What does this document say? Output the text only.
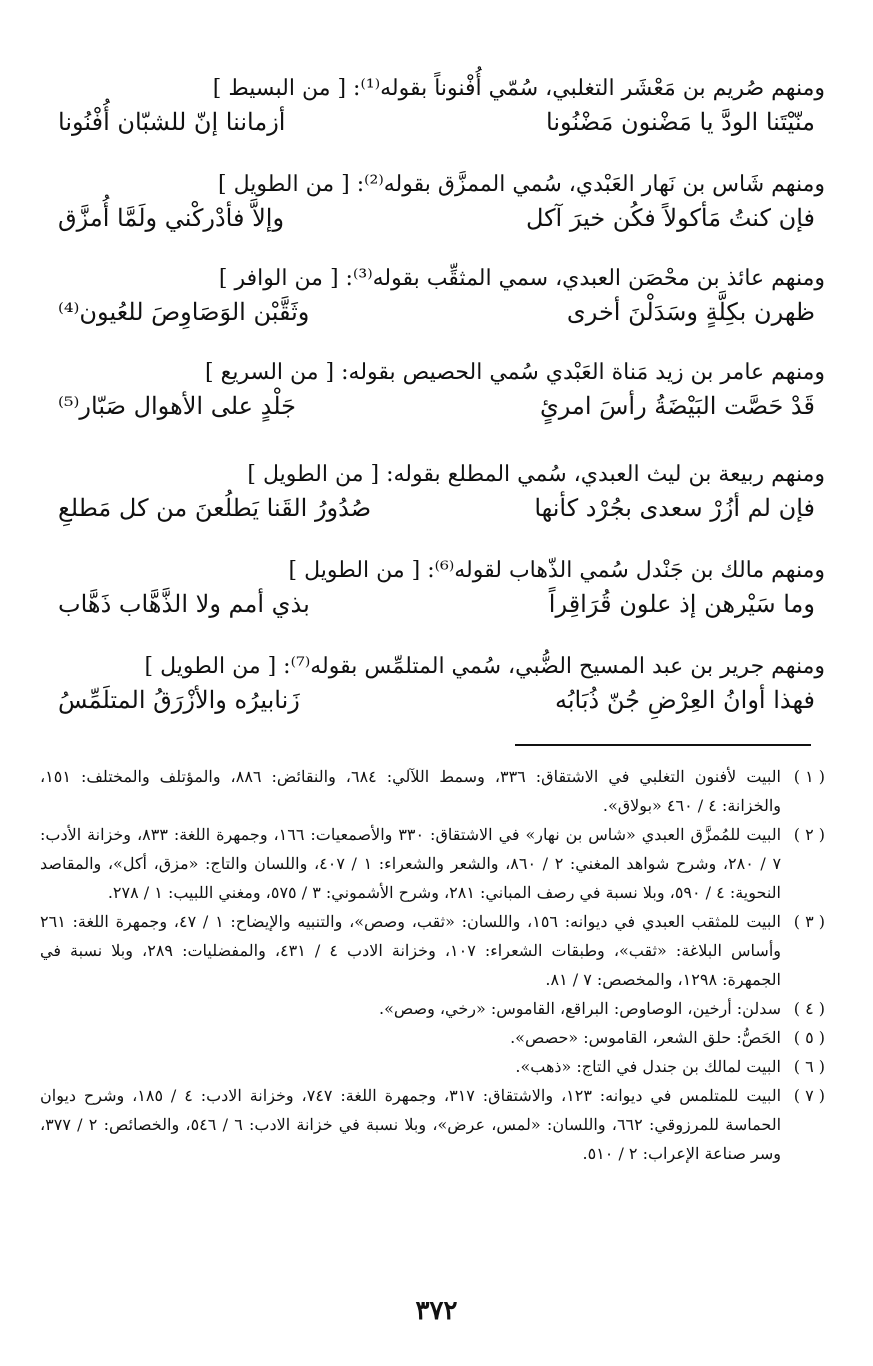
ومنهم صُريم بن مَعْشَر التغلبي، سُمّي أُفْنوناً بقوله⁽¹⁾: [ من البسيط ]
منّيْتَنا الودَّ يا مَضْنون مَضْنُونا
أزماننا إنّ للشبّان أُفْنُونا
ومنهم شَاس بن نَهار العَبْدي، سُمي الممزَّق بقوله⁽²⁾: [ من الطويل ]
فإن كنتُ مَأكولاً فكُن خيرَ آكل
وإلاَّ فأدْركْني ولَمَّا أُمزَّق
ومنهم عائذ بن محْصَن العبدي، سمي المثقِّب بقوله⁽³⁾: [ من الوافر ]
ظهرن بكِلَّةٍ وسَدَلْنَ أخرى
وثَقَّبْن الوَصَاوِصَ للعُيون⁽⁴⁾
ومنهم عامر بن زيد مَناة العَبْدي سُمي الحصيص بقوله: [ من السريع ]
قَدْ حَصَّت البَيْضَةُ رأسَ امرئٍ
جَلْدٍ على الأهوال صَبّار⁽⁵⁾
ومنهم ربيعة بن ليث العبدي، سُمي المطلع بقوله: [ من الطويل ]
فإن لم أزُرْ سعدى بجُرْد كأنها
صُدُورُ القَنا يَطلُعنَ من كل مَطلعِ
ومنهم مالك بن جَنْدل سُمي الذّهاب لقوله⁽⁶⁾: [ من الطويل ]
وما سَيْرهن إذ علون قُرَاقِراً
بذي أمم ولا الذَّهَّاب ذَهَّاب
ومنهم جرير بن عبد المسيح الضُّبي، سُمي المتلمِّس بقوله⁽⁷⁾: [ من الطويل ]
فهذا أوانُ العِرْضِ جُنّ ذُبَابُه
زَنابيرُه والأزْرَقُ المتلَمِّسُ
( ١ )
البيت لأفنون التغلبي في الاشتقاق: ٣٣٦، وسمط اللآلي: ٦٨٤، والنقائض: ٨٨٦، والمؤتلف والمختلف: ١٥١، والخزانة: ٤ / ٤٦٠ «بولاق».
( ٢ )
البيت للمُمزَّق العبدي «شاس بن نهار» في الاشتقاق: ٣٣٠ والأصمعيات: ١٦٦، وجمهرة اللغة: ٨٣٣، وخزانة الأدب: ٧ / ٢٨٠، وشرح شواهد المغني: ٢ / ٨٦٠، والشعر والشعراء: ١ / ٤٠٧، واللسان والتاج: «مزق، أكل»، والمقاصد النحوية: ٤ / ٥٩٠، وبلا نسبة في رصف المباني: ٢٨١، وشرح الأشموني: ٣ / ٥٧٥، ومغني اللبيب: ١ / ٢٧٨.
( ٣ )
البيت للمثقب العبدي في ديوانه: ١٥٦، واللسان: «ثقب، وصص»، والتنبيه والإيضاح: ١ / ٤٧، وجمهرة اللغة: ٢٦١ وأساس البلاغة: «ثقب»، وطبقات الشعراء: ١٠٧، وخزانة الادب ٤ / ٤٣١، والمفضليات: ٢٨٩، وبلا نسبة في الجمهرة: ١٢٩٨، والمخصص: ٧ / ٨١.
( ٤ )
سدلن: أرخين، الوصاوص: البراقع، القاموس: «رخي، وصص».
( ٥ )
الحَصُّ: حلق الشعر، القاموس: «حصص».
( ٦ )
البيت لمالك بن جندل في التاج: «ذهب».
( ٧ )
البيت للمتلمس في ديوانه: ١٢٣، والاشتقاق: ٣١٧، وجمهرة اللغة: ٧٤٧، وخزانة الادب: ٤ / ١٨٥، وشرح ديوان الحماسة للمرزوقي: ٦٦٢، واللسان: «لمس، عرض»، وبلا نسبة في خزانة الادب: ٦ / ٥٤٦، والخصائص: ٢ / ٣٧٧، وسر صناعة الإعراب: ٢ / ٥١٠.
٣٧٢
